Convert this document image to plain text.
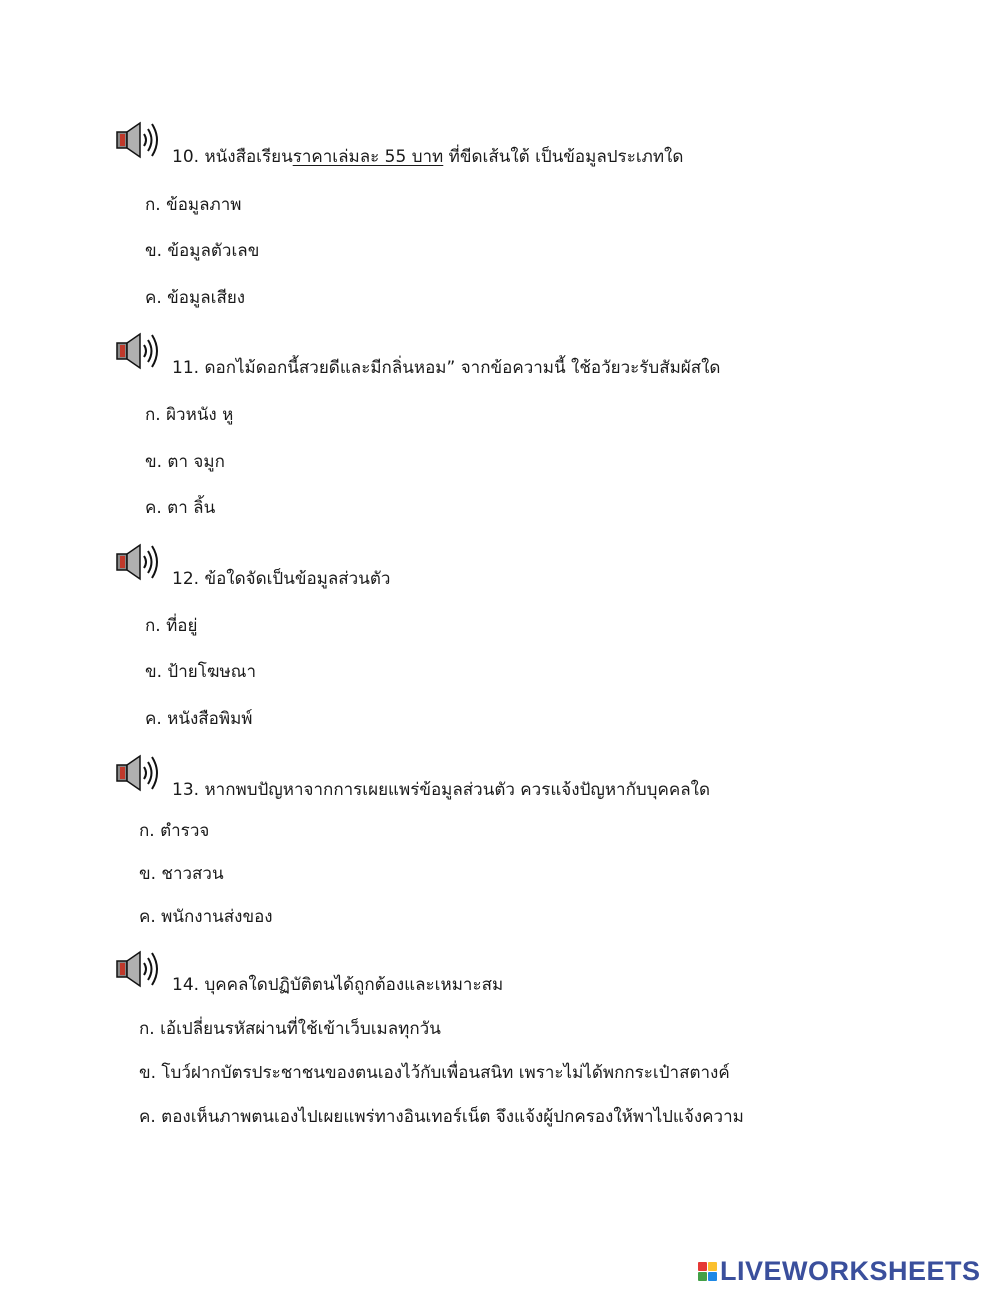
10. หนังสือเรียนราคาเล่มละ 55 บาท ที่ขีดเส้นใต้ เป็นข้อมูลประเภทใด
ก. ข้อมูลภาพ
ข. ข้อมูลตัวเลข
ค. ข้อมูลเสียง
11. ดอกไม้ดอกนี้สวยดีและมีกลิ่นหอม” จากข้อความนี้ ใช้อวัยวะรับสัมผัสใด
ก. ผิวหนัง หู
ข. ตา จมูก
ค. ตา ลิ้น
12. ข้อใดจัดเป็นข้อมูลส่วนตัว
ก. ที่อยู่
ข. ป้ายโฆษณา
ค. หนังสือพิมพ์
13. หากพบปัญหาจากการเผยแพร่ข้อมูลส่วนตัว ควรแจ้งปัญหากับบุคคลใด
ก. ตำรวจ
ข. ชาวสวน
ค. พนักงานส่งของ
14. บุคคลใดปฏิบัติตนได้ถูกต้องและเหมาะสม
ก. เอ้เปลี่ยนรหัสผ่านที่ใช้เข้าเว็บเมลทุกวัน
ข. โบว์ฝากบัตรประชาชนของตนเองไว้กับเพื่อนสนิท เพราะไม่ได้พกกระเป๋าสตางค์
ค. ตองเห็นภาพตนเองไปเผยแพร่ทางอินเทอร์เน็ต จึงแจ้งผู้ปกครองให้พาไปแจ้งความ
LIVEWORKSHEETS
